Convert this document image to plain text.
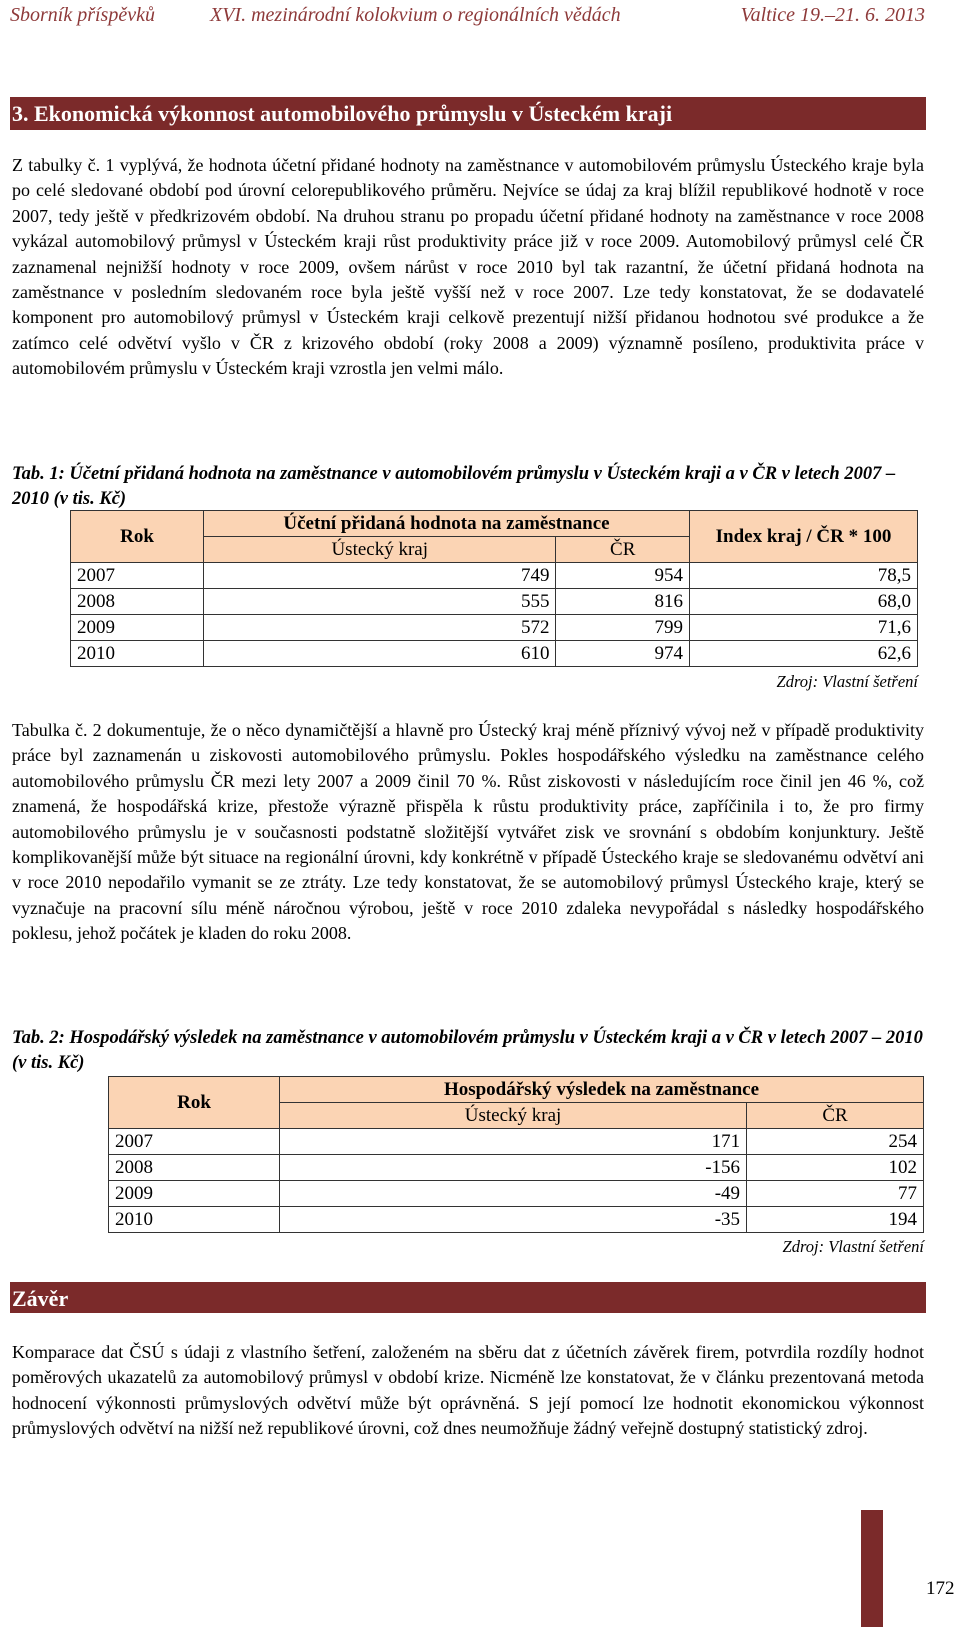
Sborník příspěvků	XVI. mezinárodní kolokvium o regionálních vědách	Valtice 19.–21. 6. 2013
3. Ekonomická výkonnost automobilového průmyslu v Ústeckém kraji

Z tabulky č. 1 vyplývá, že hodnota účetní přidané hodnoty na zaměstnance v automobilovém průmyslu Ústeckého kraje byla po celé sledované období pod úrovní celorepublikového průměru. Nejvíce se údaj za kraj blížil republikové hodnotě v roce 2007, tedy ještě v předkrizovém období. Na druhou stranu po propadu účetní přidané hodnoty na zaměstnance v roce 2008 vykázal automobilový průmysl v Ústeckém kraji růst produktivity práce již v roce 2009. Automobilový průmysl celé ČR zaznamenal nejnižší hodnoty v roce 2009, ovšem nárůst v roce 2010 byl tak razantní, že účetní přidaná hodnota na zaměstnance v posledním sledovaném roce byla ještě vyšší než v roce 2007. Lze tedy konstatovat, že se dodavatelé komponent pro automobilový průmysl v Ústeckém kraji celkově prezentují nižší přidanou hodnotou své produkce a že zatímco celé odvětví vyšlo v ČR z krizového období (roky 2008 a 2009) významně posíleno, produktivita práce v automobilovém průmyslu v Ústeckém kraji vzrostla jen velmi málo.

Tab. 1: Účetní přidaná hodnota na zaměstnance v automobilovém průmyslu v Ústeckém kraji a v ČR v letech 2007 – 2010 (v tis. Kč)

Rok	Účetní přidaná hodnota na zaměstnance		Index kraj / ČR * 100
	Ústecký kraj	ČR	
2007	749	954	78,5
2008	555	816	68,0
2009	572	799	71,6
2010	610	974	62,6
Zdroj: Vlastní šetření

Tabulka č. 2 dokumentuje, že o něco dynamičtější a hlavně pro Ústecký kraj méně příznivý vývoj než v případě produktivity práce byl zaznamenán u ziskovosti automobilového průmyslu. Pokles hospodářského výsledku na zaměstnance celého automobilového průmyslu ČR mezi lety 2007 a 2009 činil 70 %. Růst ziskovosti v následujícím roce činil jen 46 %, což znamená, že hospodářská krize, přestože výrazně přispěla k růstu produktivity práce, zapříčinila i to, že pro firmy automobilového průmyslu je v současnosti podstatně složitější vytvářet zisk ve srovnání s obdobím konjunktury. Ještě komplikovanější může být situace na regionální úrovni, kdy konkrétně v případě Ústeckého kraje se sledovanému odvětví ani v roce 2010 nepodařilo vymanit se ze ztráty. Lze tedy konstatovat, že se automobilový průmysl Ústeckého kraje, který se vyznačuje na pracovní sílu méně náročnou výrobou, ještě v roce 2010 zdaleka nevypořádal s následky hospodářského poklesu, jehož počátek je kladen do roku 2008.

Tab. 2: Hospodářský výsledek na zaměstnance v automobilovém průmyslu v Ústeckém kraji a v ČR v letech 2007 – 2010 (v tis. Kč)

Rok	Hospodářský výsledek na zaměstnance	
	Ústecký kraj	ČR
2007	171	254
2008	-156	102
2009	-49	77
2010	-35	194
Zdroj: Vlastní šetření
Závěr

Komparace dat ČSÚ s údaji z vlastního šetření, založeném na sběru dat z účetních závěrek firem, potvrdila rozdíly hodnot poměrových ukazatelů za automobilový průmysl v období krize. Nicméně lze konstatovat, že v článku prezentovaná metoda hodnocení výkonnosti průmyslových odvětví může být oprávněná. S její pomocí lze hodnotit ekonomickou výkonnost průmyslových odvětví na nižší než republikové úrovni, což dnes neumožňuje žádný veřejně dostupný statistický zdroj.

172
